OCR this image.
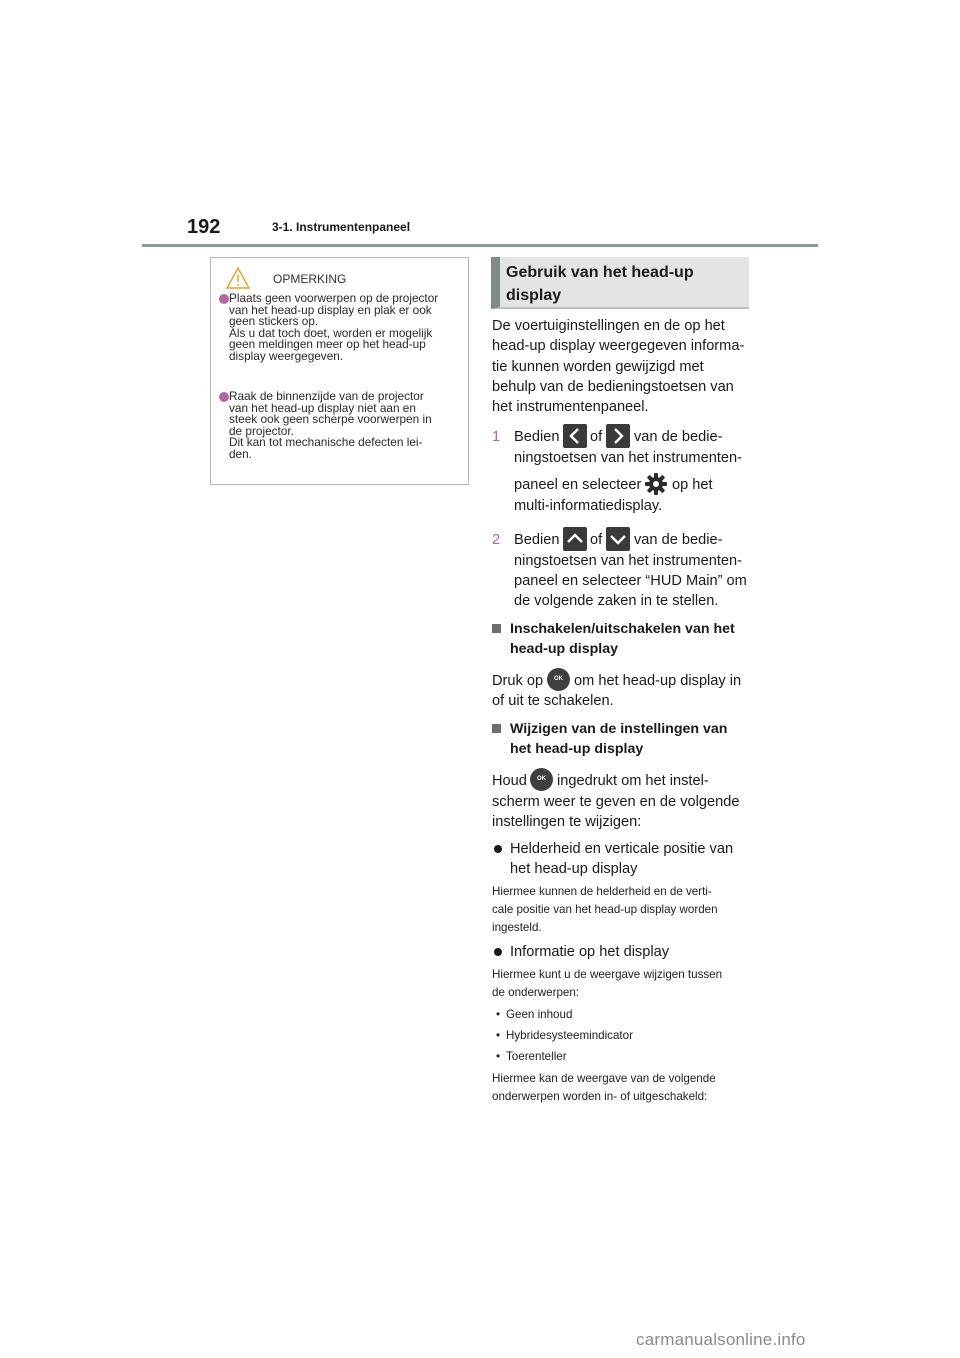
192	3-1. Instrumentenpaneel
OPMERKING
Plaats geen voorwerpen op de projector
van het head-up display en plak er ook
geen stickers op.
Als u dat toch doet, worden er mogelijk
geen meldingen meer op het head-up
display weergegeven.
Raak de binnenzijde van de projector
van het head-up display niet aan en
steek ook geen scherpe voorwerpen in
de projector.
Dit kan tot mechanische defecten lei-
den.
Gebruik van het head-up
display
De voertuiginstellingen en de op het
head-up display weergegeven informa-
tie kunnen worden gewijzigd met
behulp van de bedieningstoetsen van
het instrumentenpaneel.
1 Bedien of van de bedie-
ningstoetsen van het instrumenten-
paneel en selecteer op het
multi-informatiedisplay.
2 Bedien of van de bedie-
ningstoetsen van het instrumenten-
paneel en selecteer “HUD Main” om
de volgende zaken in te stellen.
Inschakelen/uitschakelen van het
head-up display
Druk op	OK om het head-up display in
of uit te schakelen.
Wijzigen van de instellingen van
het head-up display
Houd	OK ingedrukt om het instel-
scherm weer te geven en de volgende
instellingen te wijzigen:
Helderheid en verticale positie van
het head-up display
Hiermee kunnen de helderheid en de verti-
cale positie van het head-up display worden
ingesteld.
Informatie op het display
Hiermee kunt u de weergave wijzigen tussen
de onderwerpen:
• Geen inhoud
• Hybridesysteemindicator
• Toerenteller
Hiermee kan de weergave van de volgende
onderwerpen worden in- of uitgeschakeld:
carmanualsonline.info
